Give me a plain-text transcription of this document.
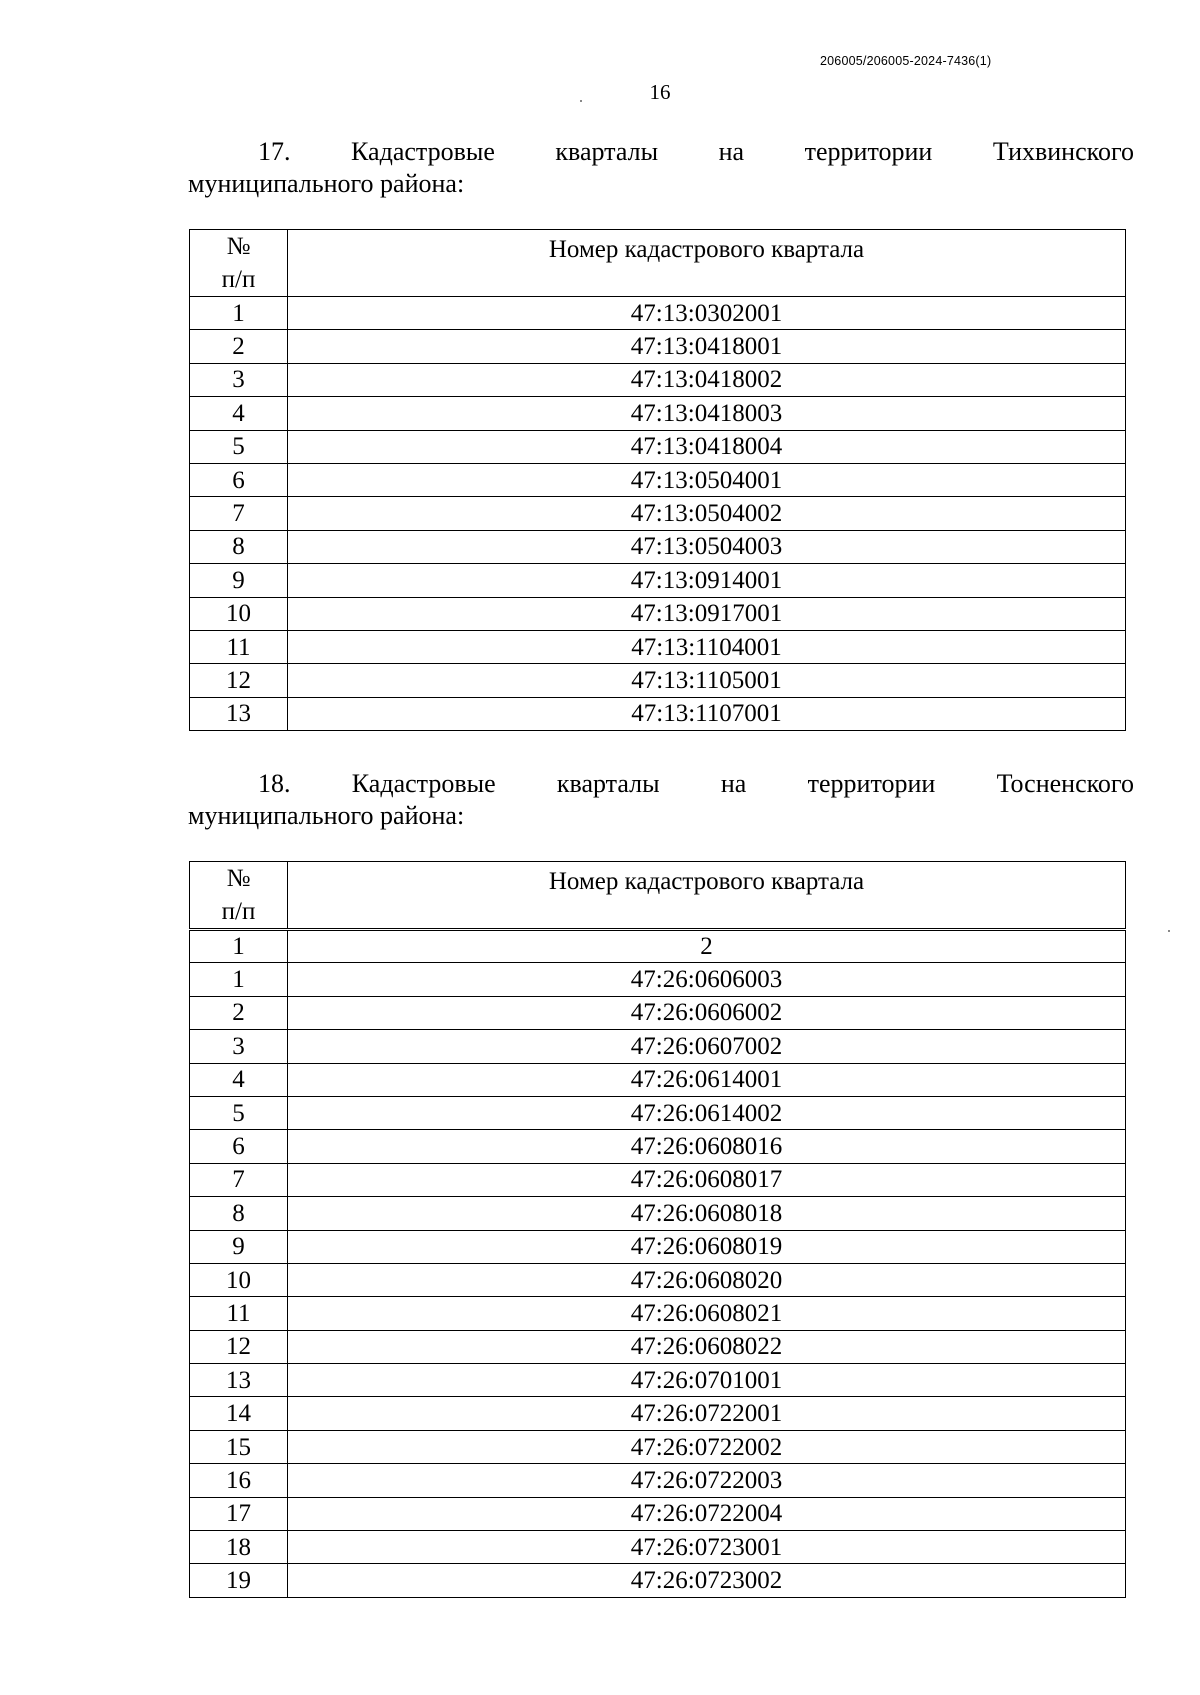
206005/206005-2024-7436(1)
16
17. Кадастровые кварталы на территории Тихвинского
муниципального района:
№
п/п	Номер кадастрового квартала
1	47:13:0302001
2	47:13:0418001
3	47:13:0418002
4	47:13:0418003
5	47:13:0418004
6	47:13:0504001
7	47:13:0504002
8	47:13:0504003
9	47:13:0914001
10	47:13:0917001
11	47:13:1104001
12	47:13:1105001
13	47:13:1107001
18. Кадастровые кварталы на территории Тосненского
муниципального района:
№
п/п	Номер кадастрового квартала
1	2
1	47:26:0606003
2	47:26:0606002
3	47:26:0607002
4	47:26:0614001
5	47:26:0614002
6	47:26:0608016
7	47:26:0608017
8	47:26:0608018
9	47:26:0608019
10	47:26:0608020
11	47:26:0608021
12	47:26:0608022
13	47:26:0701001
14	47:26:0722001
15	47:26:0722002
16	47:26:0722003
17	47:26:0722004
18	47:26:0723001
19	47:26:0723002
